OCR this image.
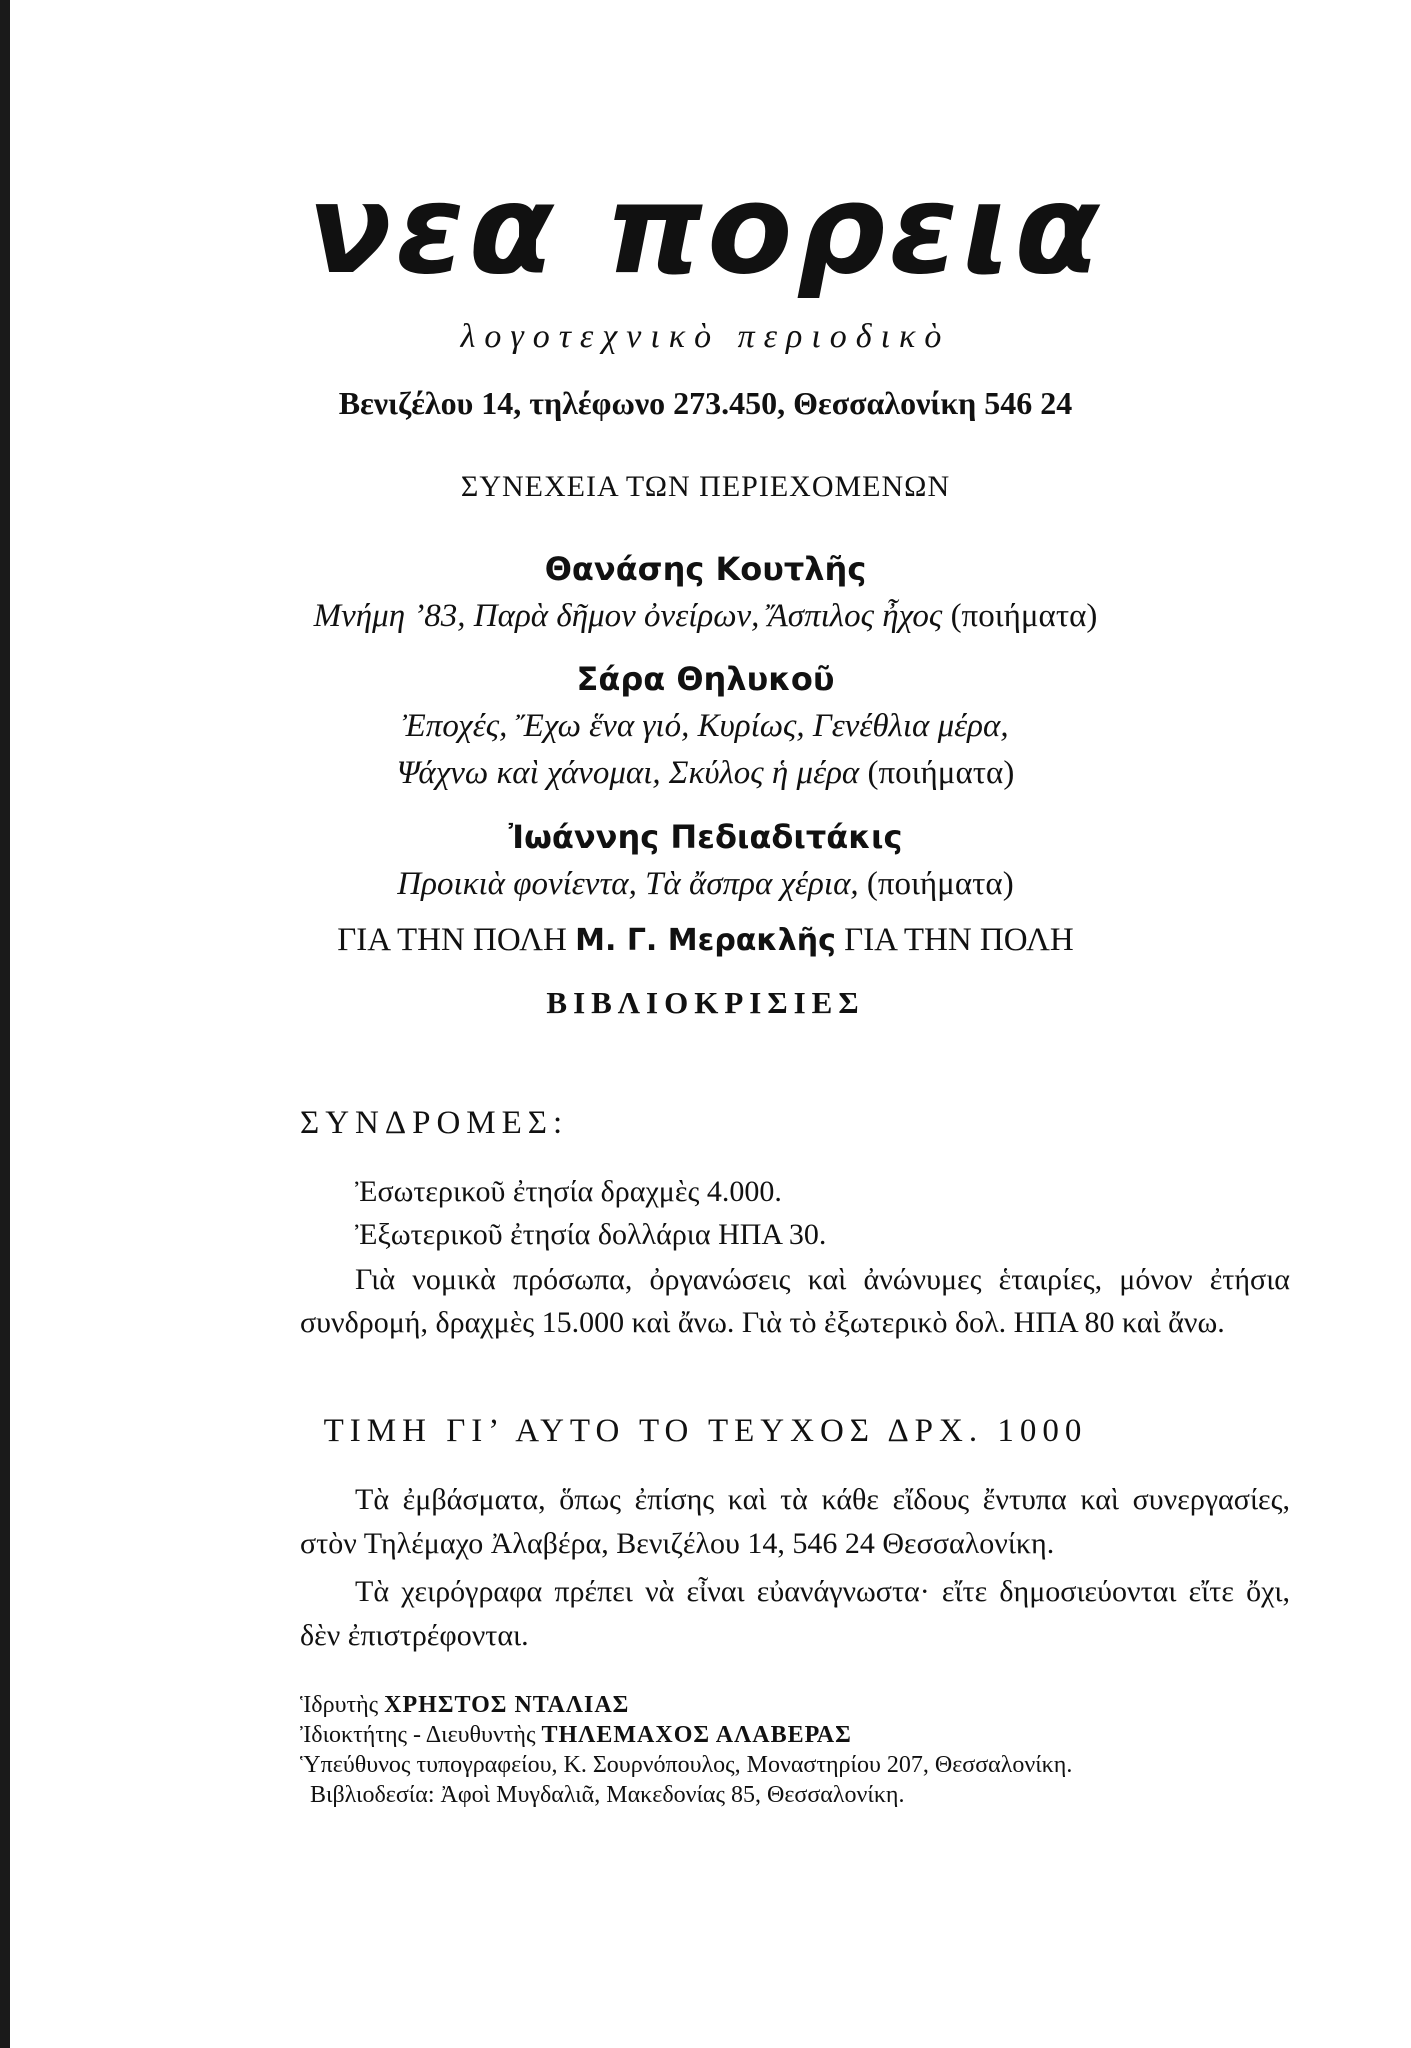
νεα πορεια
λογοτεχνικὸ περιοδικὸ
Βενιζέλου 14, τηλέφωνο 273.450, Θεσσαλονίκη 546 24
ΣΥΝΕΧΕΙΑ ΤΩΝ ΠΕΡΙΕΧΟΜΕΝΩΝ
Θανάσης Κουτλῆς
Μνήμη ’83, Παρὰ δῆμον ὀνείρων, Ἄσπιλος ἦχος (ποιήματα)
Σάρα Θηλυκοῦ
Ἐποχές, Ἔχω ἕνα γιό, Κυρίως, Γενέθλια μέρα,
Ψάχνω καὶ χάνομαι, Σκύλος ἡ μέρα (ποιήματα)
Ἰωάννης Πεδιαδιτάκις
Προικιὰ φονίεντα, Τὰ ἄσπρα χέρια, (ποιήματα)
ΓΙΑ ΤΗΝ ΠΟΛΗ Μ. Γ. Μερακλῆς ΓΙΑ ΤΗΝ ΠΟΛΗ
ΒΙΒΛΙΟΚΡΙΣΙΕΣ
ΣΥΝΔΡΟΜΕΣ:
Ἐσωτερικοῦ ἐτησία δραχμὲς 4.000.
Ἐξωτερικοῦ ἐτησία δολλάρια ΗΠΑ 30.
Γιὰ νομικὰ πρόσωπα, ὀργανώσεις καὶ ἀνώνυμες ἑταιρίες, μόνον ἐτήσια συνδρομή, δραχμὲς 15.000 καὶ ἄνω. Γιὰ τὸ ἐξωτερικὸ δολ. ΗΠΑ 80 καὶ ἄνω.
ΤΙΜΗ ΓΙ’ ΑΥΤΟ ΤΟ ΤΕΥΧΟΣ ΔΡΧ. 1000
Τὰ ἐμβάσματα, ὅπως ἐπίσης καὶ τὰ κάθε εἴδους ἔντυπα καὶ συνεργασίες, στὸν Τηλέμαχο Ἀλαβέρα, Βενιζέλου 14, 546 24 Θεσσαλονίκη.
Τὰ χειρόγραφα πρέπει νὰ εἶναι εὐανάγνωστα· εἴτε δημοσιεύονται εἴτε ὄχι, δὲν ἐπιστρέφονται.
Ἱδρυτὴς ΧΡΗΣΤΟΣ ΝΤΑΛΙΑΣ
Ἰδιοκτήτης - Διευθυντὴς ΤΗΛΕΜΑΧΟΣ ΑΛΑΒΕΡΑΣ
Ὑπεύθυνος τυπογραφείου, Κ. Σουρνόπουλος, Μοναστηρίου 207, Θεσσαλονίκη.
Βιβλιοδεσία: Ἀφοὶ Μυγδαλιᾶ, Μακεδονίας 85, Θεσσαλονίκη.
